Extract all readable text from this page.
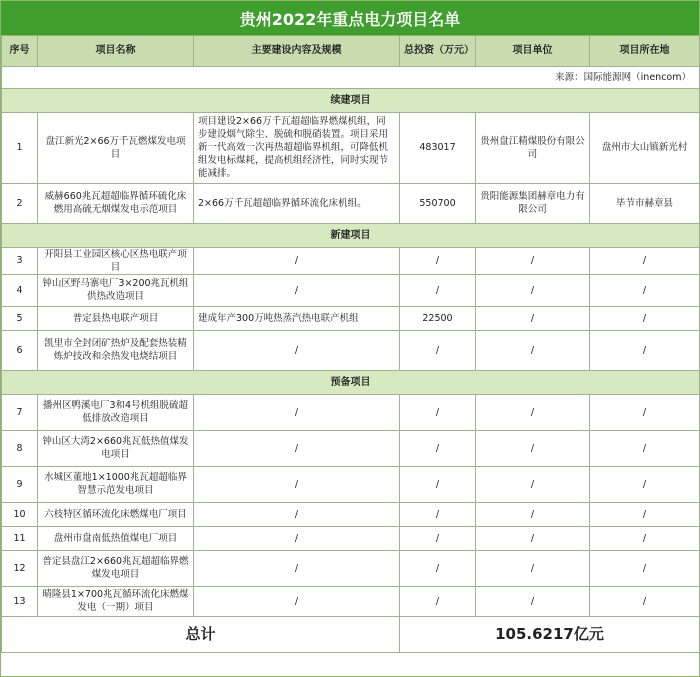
贵州2022年重点电力项目名单
序号	项目名称	主要建设内容及规模	总投资（万元）	项目单位	项目所在地
来源：国际能源网（inencom）					
续建项目					
1	盘江新光2×66万千瓦燃煤发电项目	项目建设2×66万千瓦超超临界燃煤机组，同步建设烟气除尘、脱硫和脱硝装置。项目采用新一代高效一次再热超超临界机组，可降低机组发电标煤耗，提高机组经济性，同时实现节能减排。	483017	贵州盘江精煤股份有限公司	盘州市大山镇新光村
2	威赫660兆瓦超超临界循环硫化床燃用高硫无烟煤发电示范项目	2×66万千瓦超超临界循环流化床机组。	550700	贵阳能源集团赫章电力有限公司	毕节市赫章县
新建项目					
3	开阳县工业园区核心区热电联产项目	/	/	/	/
4	钟山区野马寨电厂3×200兆瓦机组供热改造项目	/	/	/	/
5	普定县热电联产项目	建成年产300万吨热蒸汽热电联产机组	22500	/	/
6	凯里市全封闭矿热炉及配套热装精炼炉技改和余热发电烧结项目	/	/	/	/
预备项目					
7	播州区鸭溪电厂3和4号机组脱硫超低排放改造项目	/	/	/	/
8	钟山区大湾2×660兆瓦低热值煤发电项目	/	/	/	/
9	水城区董地1×1000兆瓦超超临界智慧示范发电项目	/	/	/	/
10	六枝特区循环流化床燃煤电厂项目	/	/	/	/
11	盘州市盘南低热值煤电厂项目	/	/	/	/
12	普定县盘江2×660兆瓦超超临界燃煤发电项目	/	/	/	/
13	晴隆县1×700兆瓦循环流化床燃煤发电（一期）项目	/	/	/	/
总计			105.6217亿元		
